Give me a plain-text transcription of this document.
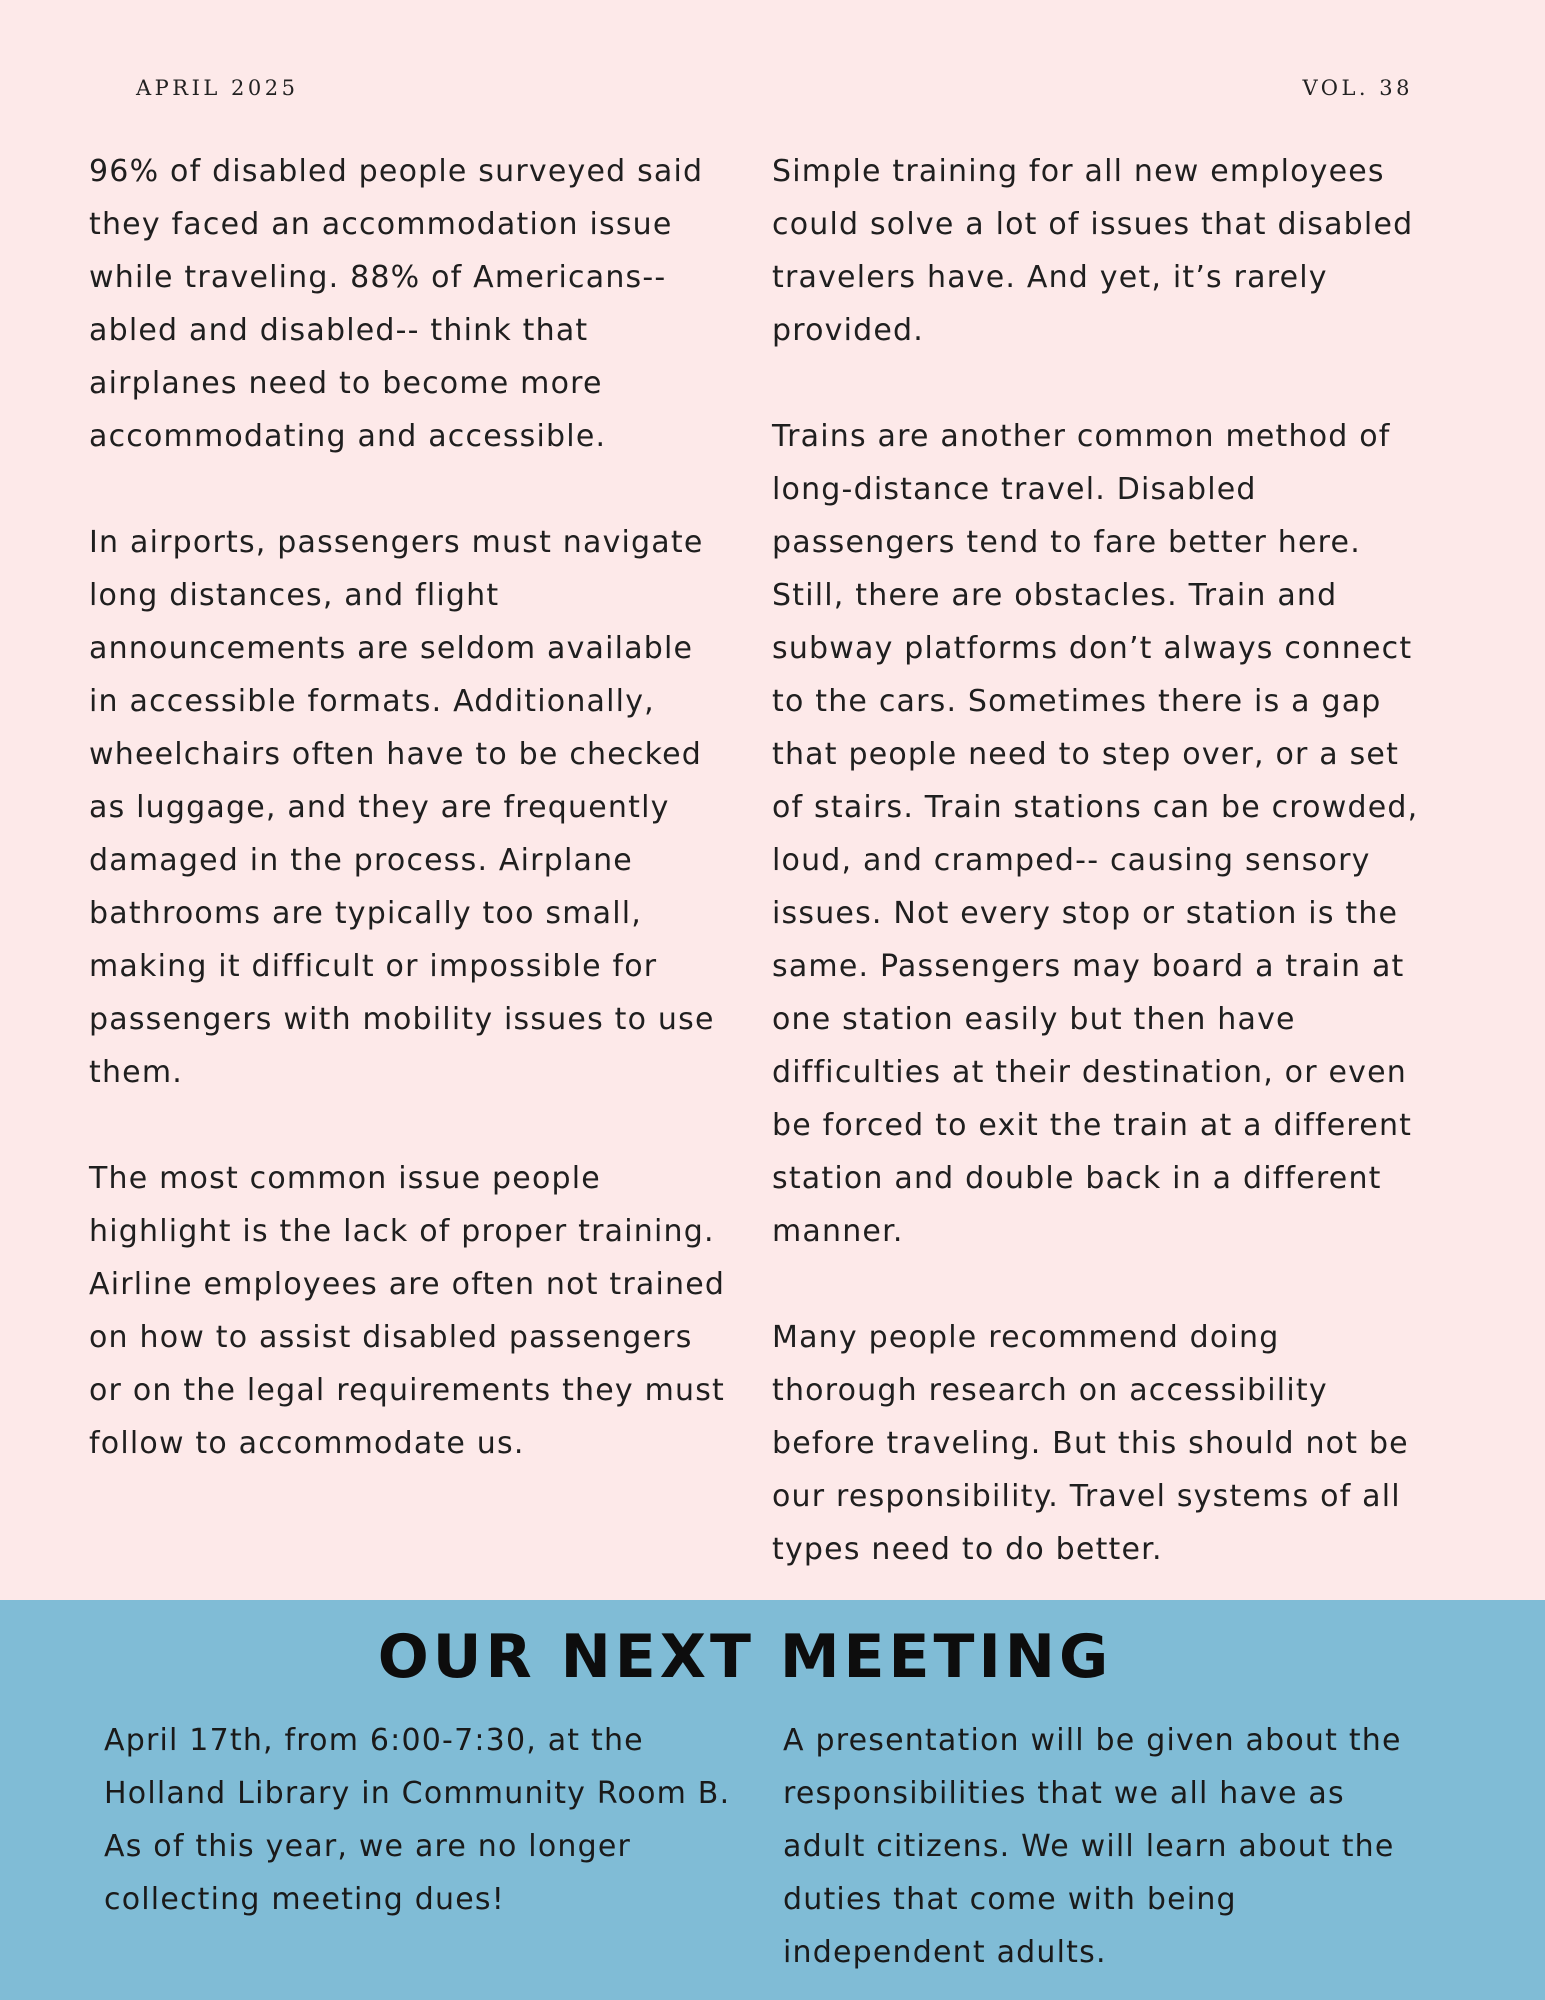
APRIL 2025	VOL. 38

96% of disabled people surveyed said they faced an accommodation issue while traveling. 88% of Americans-- abled and disabled-- think that airplanes need to become more accommodating and accessible.

In airports, passengers must navigate long distances, and flight announcements are seldom available in accessible formats. Additionally, wheelchairs often have to be checked as luggage, and they are frequently damaged in the process. Airplane bathrooms are typically too small, making it difficult or impossible for passengers with mobility issues to use them.

The most common issue people highlight is the lack of proper training. Airline employees are often not trained on how to assist disabled passengers or on the legal requirements they must follow to accommodate us.

Simple training for all new employees could solve a lot of issues that disabled travelers have. And yet, it’s rarely provided.

Trains are another common method of long-distance travel. Disabled passengers tend to fare better here. Still, there are obstacles. Train and subway platforms don’t always connect to the cars. Sometimes there is a gap that people need to step over, or a set of stairs. Train stations can be crowded, loud, and cramped-- causing sensory issues. Not every stop or station is the same. Passengers may board a train at one station easily but then have difficulties at their destination, or even be forced to exit the train at a different station and double back in a different manner.

Many people recommend doing thorough research on accessibility before traveling. But this should not be our responsibility. Travel systems of all types need to do better.

OUR NEXT MEETING
April 17th, from 6:00-7:30, at the Holland Library in Community Room B. As of this year, we are no longer collecting meeting dues!
A presentation will be given about the responsibilities that we all have as adult citizens. We will learn about the duties that come with being independent adults.
